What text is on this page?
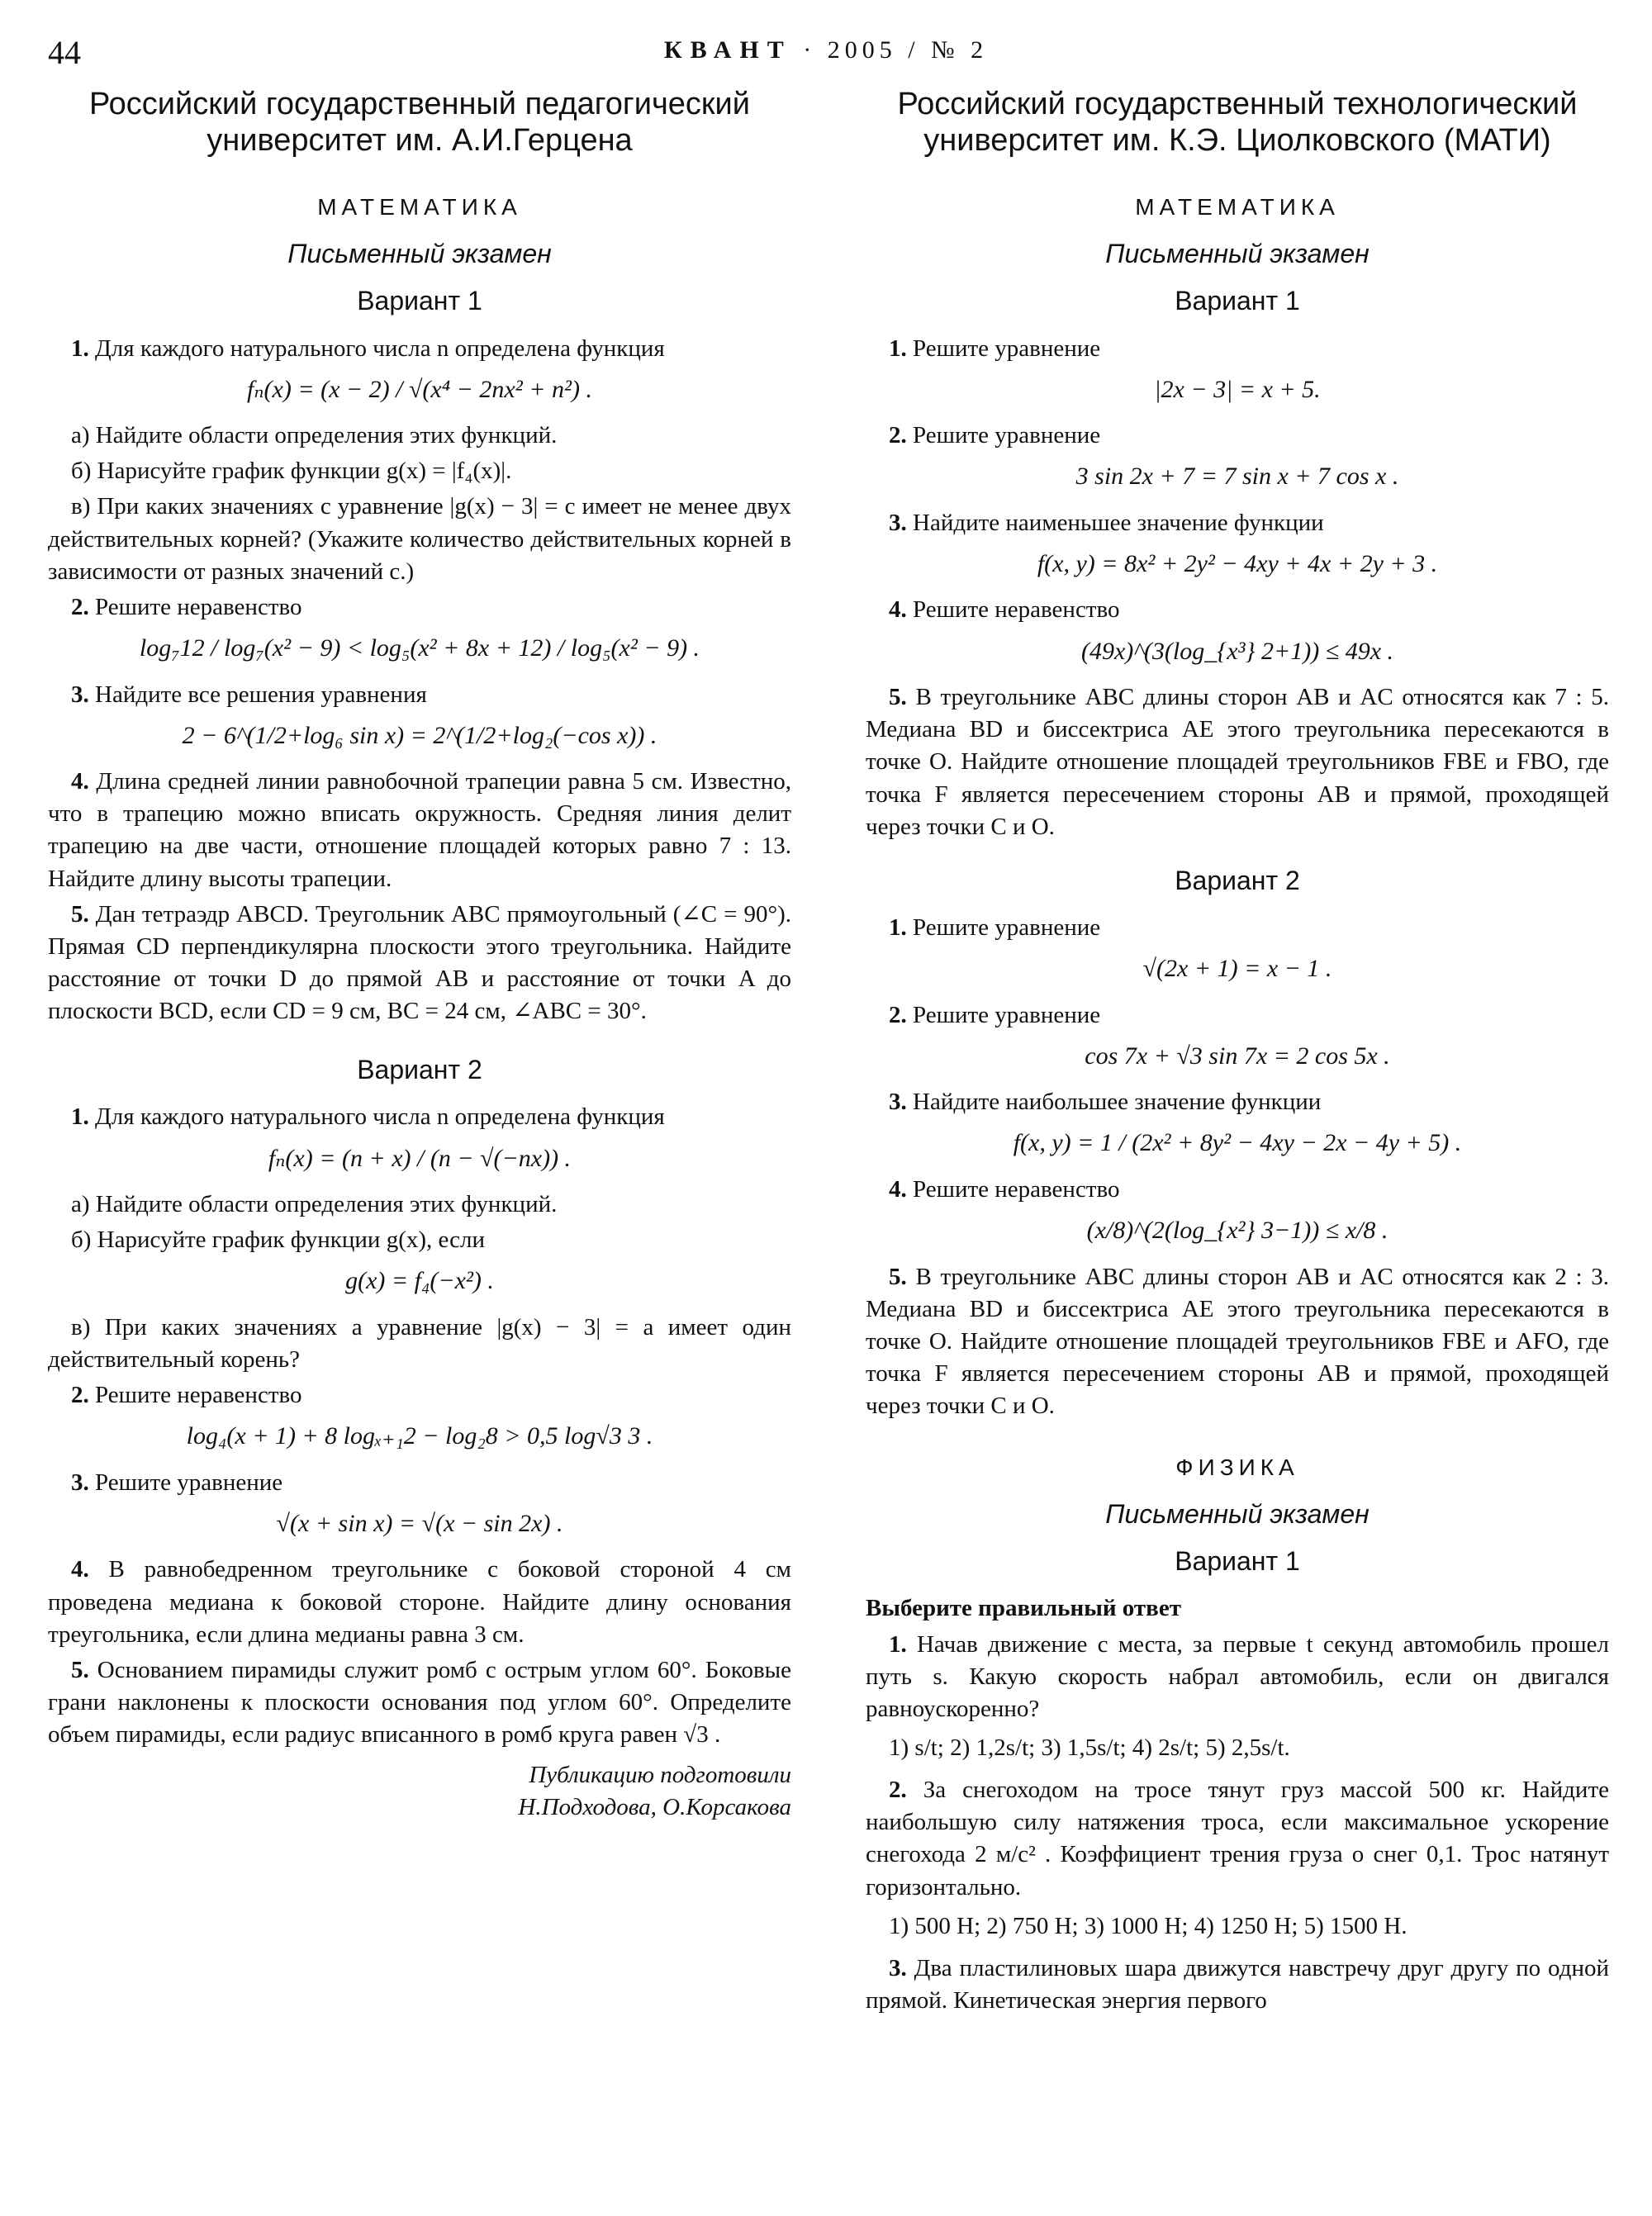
44	КВАНТ · 2005 / № 2
Российский государственный педагогический университет им. А.И.Герцена
МАТЕМАТИКА
Письменный экзамен
Вариант 1

1. Для каждого натурального числа n определена функция

fₙ(x) = (x − 2) / √(x⁴ − 2nx² + n²) .

а) Найдите области определения этих функций.

б) Нарисуйте график функции g(x) = |f₄(x)|.

в) При каких значениях c уравнение |g(x) − 3| = c имеет не менее двух действительных корней? (Укажите количество действительных корней в зависимости от разных значений c.)

2. Решите неравенство

log₇12 / log₇(x² − 9) < log₅(x² + 8x + 12) / log₅(x² − 9) .

3. Найдите все решения уравнения

2 − 6^(1/2+log₆ sin x) = 2^(1/2+log₂(−cos x)) .

4. Длина средней линии равнобочной трапеции равна 5 см. Известно, что в трапецию можно вписать окружность. Средняя линия делит трапецию на две части, отношение площадей которых равно 7 : 13. Найдите длину высоты трапеции.

5. Дан тетраэдр ABCD. Треугольник ABC прямоугольный (∠C = 90°). Прямая CD перпендикулярна плоскости этого треугольника. Найдите расстояние от точки D до прямой AB и расстояние от точки A до плоскости BCD, если CD = 9 см, BC = 24 см, ∠ABC = 30°.

Вариант 2

1. Для каждого натурального числа n определена функция

fₙ(x) = (n + x) / (n − √(−nx)) .

а) Найдите области определения этих функций.

б) Нарисуйте график функции g(x), если

g(x) = f₄(−x²) .

в) При каких значениях a уравнение |g(x) − 3| = a имеет один действительный корень?

2. Решите неравенство

log₄(x + 1) + 8 logₓ₊₁2 − log₂8 > 0,5 log√3 3 .

3. Решите уравнение

√(x + sin x) = √(x − sin 2x) .

4. В равнобедренном треугольнике с боковой стороной 4 см проведена медиана к боковой стороне. Найдите длину основания треугольника, если длина медианы равна 3 см.

5. Основанием пирамиды служит ромб с острым углом 60°. Боковые грани наклонены к плоскости основания под углом 60°. Определите объем пирамиды, если радиус вписанного в ромб круга равен √3 .

Публикацию подготовили
Н.Подходова, О.Корсакова
Российский государственный технологический университет им. К.Э. Циолковского (МАТИ)
МАТЕМАТИКА
Письменный экзамен
Вариант 1

1. Решите уравнение

|2x − 3| = x + 5.

2. Решите уравнение

3 sin 2x + 7 = 7 sin x + 7 cos x .

3. Найдите наименьшее значение функции

f(x, y) = 8x² + 2y² − 4xy + 4x + 2y + 3 .

4. Решите неравенство

(49x)^(3(log_{x³} 2+1)) ≤ 49x .

5. В треугольнике ABC длины сторон AB и AC относятся как 7 : 5. Медиана BD и биссектриса AE этого треугольника пересекаются в точке O. Найдите отношение площадей треугольников FBE и FBO, где точка F является пересечением стороны AB и прямой, проходящей через точки C и O.

Вариант 2

1. Решите уравнение

√(2x + 1) = x − 1 .

2. Решите уравнение

cos 7x + √3 sin 7x = 2 cos 5x .

3. Найдите наибольшее значение функции

f(x, y) = 1 / (2x² + 8y² − 4xy − 2x − 4y + 5) .

4. Решите неравенство

(x/8)^(2(log_{x²} 3−1)) ≤ x/8 .

5. В треугольнике ABC длины сторон AB и AC относятся как 2 : 3. Медиана BD и биссектриса AE этого треугольника пересекаются в точке O. Найдите отношение площадей треугольников FBE и AFO, где точка F является пересечением стороны AB и прямой, проходящей через точки C и O.

ФИЗИКА
Письменный экзамен
Вариант 1
Выберите правильный ответ

1. Начав движение с места, за первые t секунд автомобиль прошел путь s. Какую скорость набрал автомобиль, если он двигался равноускоренно?

1) s/t; 2) 1,2s/t; 3) 1,5s/t; 4) 2s/t; 5) 2,5s/t.

2. За снегоходом на тросе тянут груз массой 500 кг. Найдите наибольшую силу натяжения троса, если максимальное ускорение снегохода 2 м/с² . Коэффициент трения груза о снег 0,1. Трос натянут горизонтально.

1) 500 Н; 2) 750 Н; 3) 1000 Н; 4) 1250 Н; 5) 1500 Н.

3. Два пластилиновых шара движутся навстречу друг другу по одной прямой. Кинетическая энергия первого
